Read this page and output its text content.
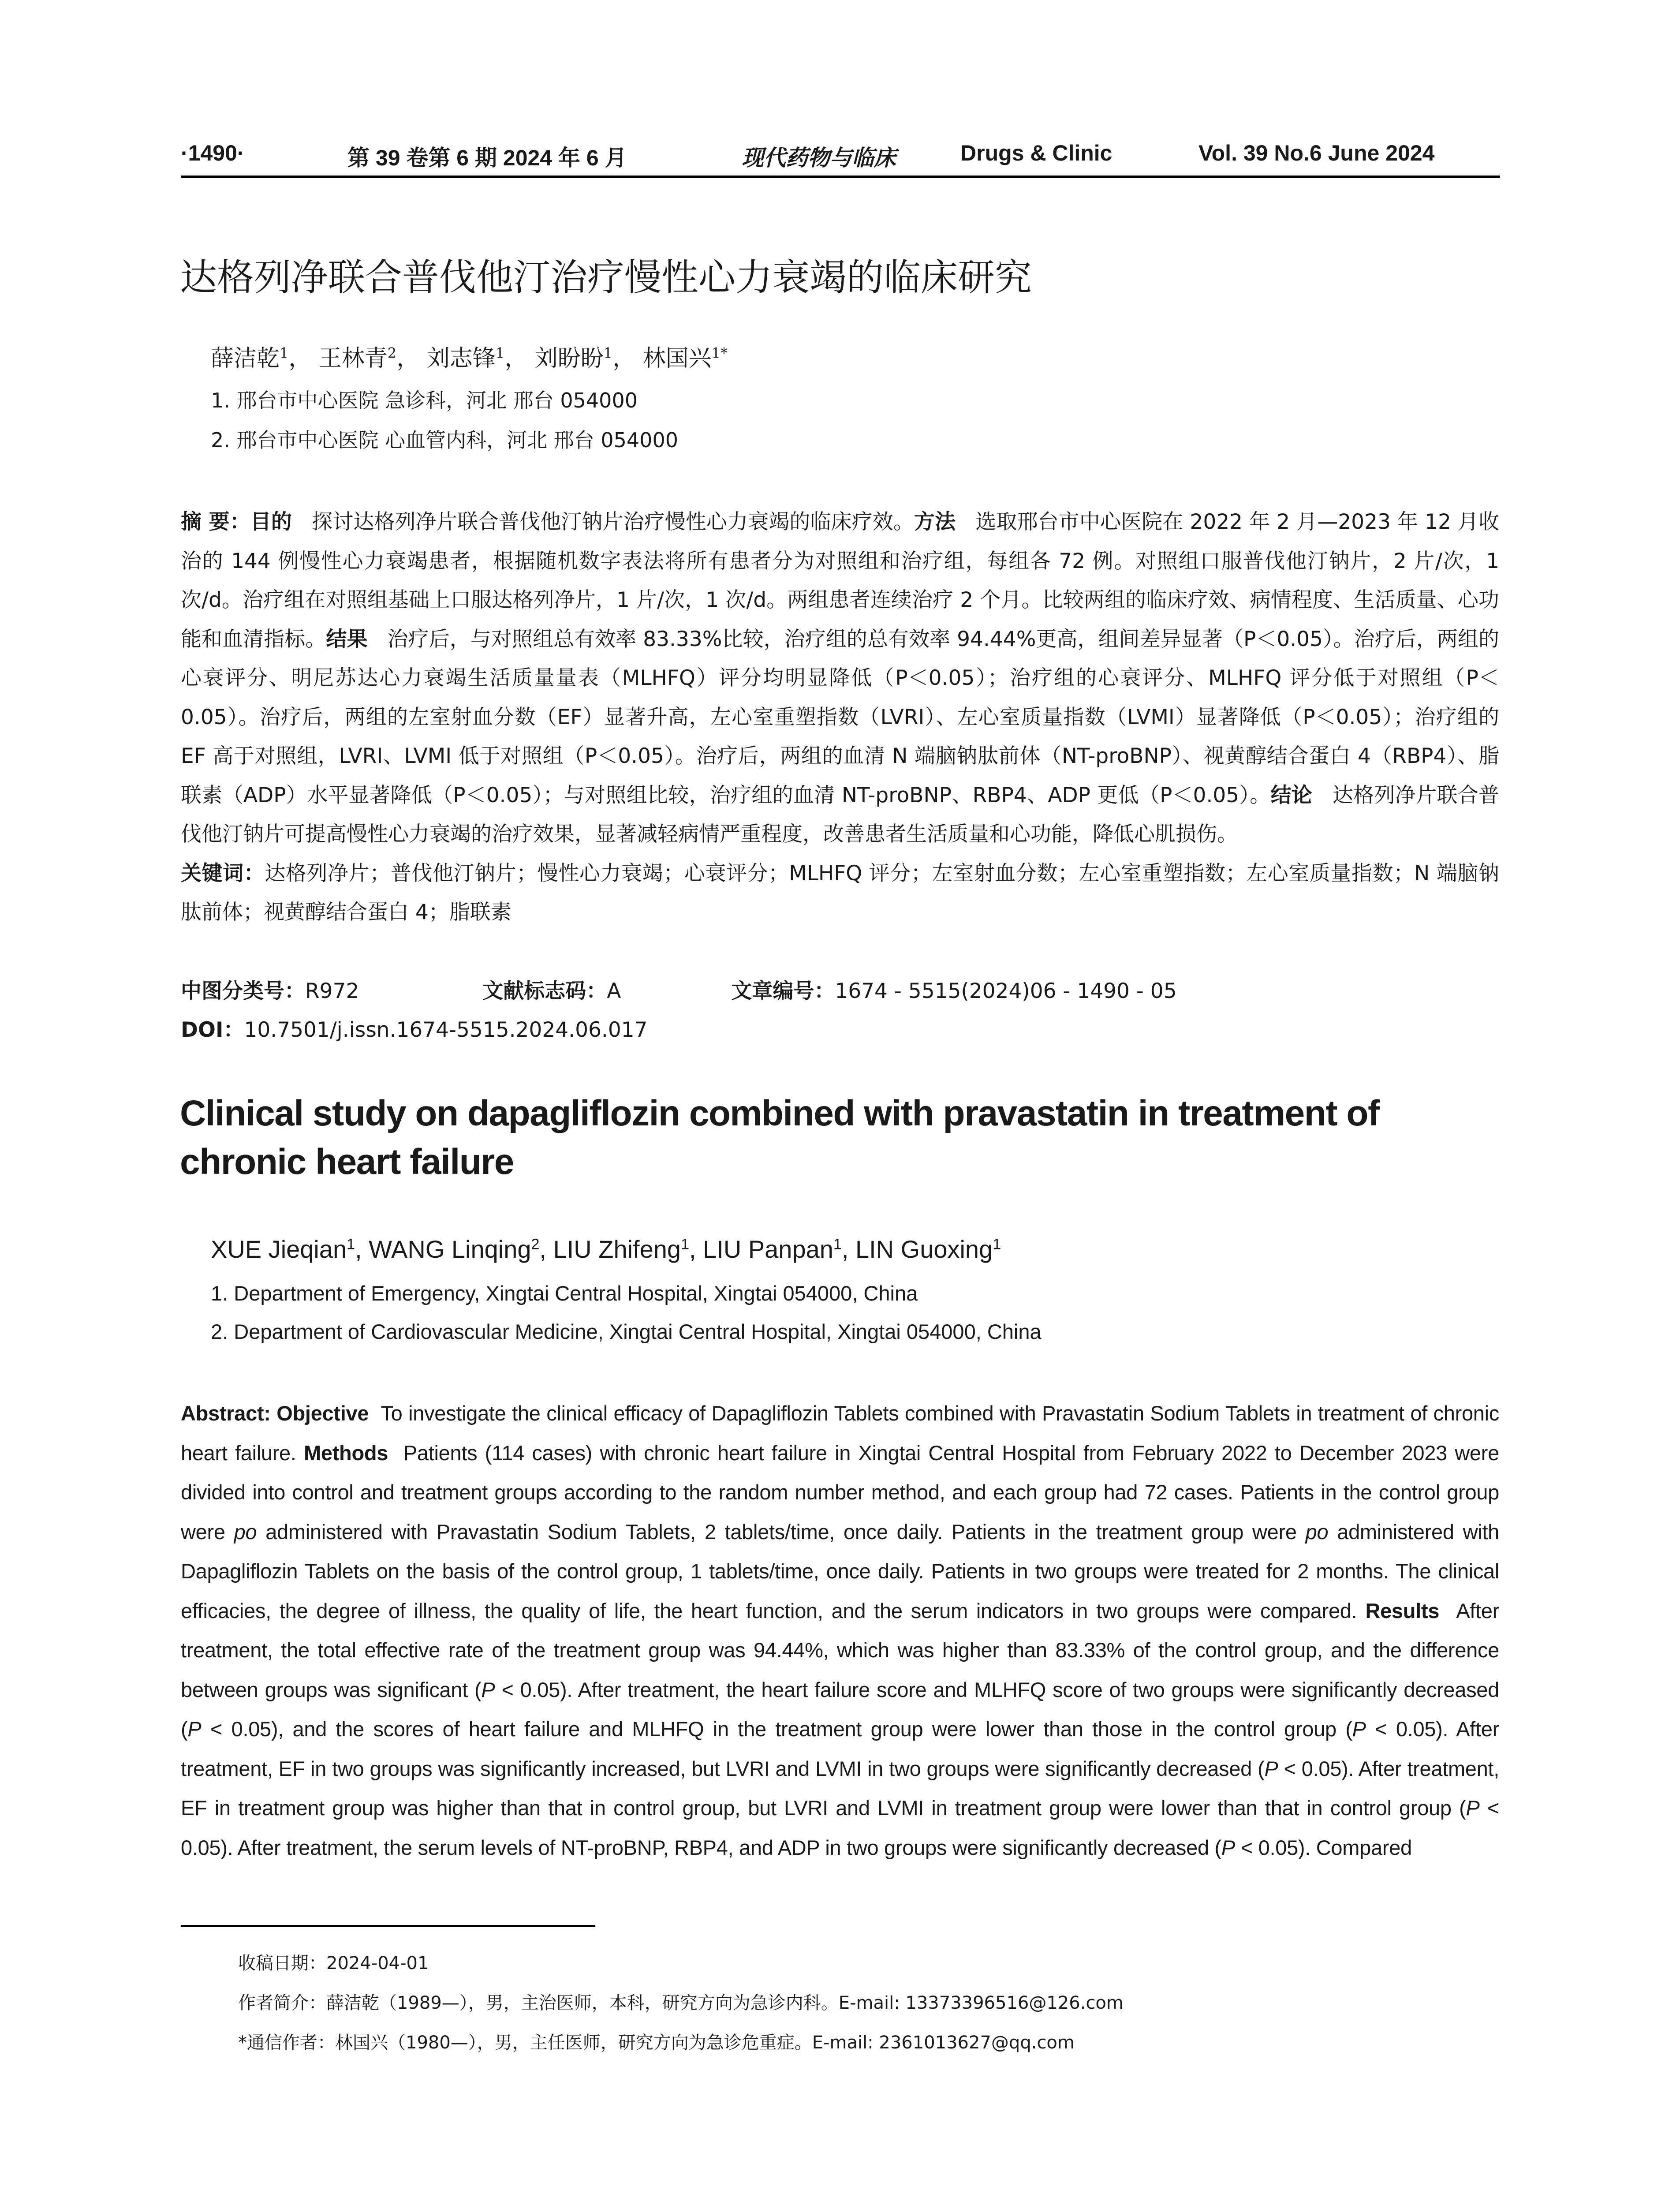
·1490·	第 39 卷第 6 期 2024 年 6 月	现代药物与临床	Drugs & Clinic	Vol. 39 No.6 June 2024
达格列净联合普伐他汀治疗慢性心力衰竭的临床研究
薛洁乾$^1$， 王林青$^2$， 刘志锋$^1$， 刘盼盼$^1$， 林国兴$^{1*}$
1. 邢台市中心医院 急诊科，河北 邢台 054000
2. 邢台市中心医院 心血管内科，河北 邢台 054000
摘 要：目的 探讨达格列净片联合普伐他汀钠片治疗慢性心力衰竭的临床疗效。方法 选取邢台市中心医院在 2022 年 2 月—2023 年 12 月收治的 144 例慢性心力衰竭患者，根据随机数字表法将所有患者分为对照组和治疗组，每组各 72 例。对照组口服普伐他汀钠片，2 片/次，1 次/d。治疗组在对照组基础上口服达格列净片，1 片/次，1 次/d。两组患者连续治疗 2 个月。比较两组的临床疗效、病情程度、生活质量、心功能和血清指标。结果 治疗后，与对照组总有效率 83.33%比较，治疗组的总有效率 94.44%更高，组间差异显著（P＜0.05）。治疗后，两组的心衰评分、明尼苏达心力衰竭生活质量量表（MLHFQ）评分均明显降低（P＜0.05）；治疗组的心衰评分、MLHFQ 评分低于对照组（P＜0.05）。治疗后，两组的左室射血分数（EF）显著升高，左心室重塑指数（LVRI）、左心室质量指数（LVMI）显著降低（P＜0.05）；治疗组的 EF 高于对照组，LVRI、LVMI 低于对照组（P＜0.05）。治疗后，两组的血清 N 端脑钠肽前体（NT-proBNP）、视黄醇结合蛋白 4（RBP4）、脂联素（ADP）水平显著降低（P＜0.05）；与对照组比较，治疗组的血清 NT-proBNP、RBP4、ADP 更低（P＜0.05）。结论 达格列净片联合普伐他汀钠片可提高慢性心力衰竭的治疗效果，显著减轻病情严重程度，改善患者生活质量和心功能，降低心肌损伤。
关键词：达格列净片；普伐他汀钠片；慢性心力衰竭；心衰评分；MLHFQ 评分；左室射血分数；左心室重塑指数；左心室质量指数；N 端脑钠肽前体；视黄醇结合蛋白 4；脂联素
中图分类号：R972	文献标志码：A	文章编号：1674 - 5515(2024)06 - 1490 - 05
DOI：10.7501/j.issn.1674-5515.2024.06.017
Clinical study on dapagliflozin combined with pravastatin in treatment of chronic heart failure
XUE Jieqian$^1$, WANG Linqing$^2$, LIU Zhifeng$^1$, LIU Panpan$^1$, LIN Guoxing$^1$
1. Department of Emergency, Xingtai Central Hospital, Xingtai 054000, China
2. Department of Cardiovascular Medicine, Xingtai Central Hospital, Xingtai 054000, China
Abstract: Objective To investigate the clinical efficacy of Dapagliflozin Tablets combined with Pravastatin Sodium Tablets in treatment of chronic heart failure. Methods Patients (114 cases) with chronic heart failure in Xingtai Central Hospital from February 2022 to December 2023 were divided into control and treatment groups according to the random number method, and each group had 72 cases. Patients in the control group were po administered with Pravastatin Sodium Tablets, 2 tablets/time, once daily. Patients in the treatment group were po administered with Dapagliflozin Tablets on the basis of the control group, 1 tablets/time, once daily. Patients in two groups were treated for 2 months. The clinical efficacies, the degree of illness, the quality of life, the heart function, and the serum indicators in two groups were compared. Results After treatment, the total effective rate of the treatment group was 94.44%, which was higher than 83.33% of the control group, and the difference between groups was significant (P < 0.05). After treatment, the heart failure score and MLHFQ score of two groups were significantly decreased (P < 0.05), and the scores of heart failure and MLHFQ in the treatment group were lower than those in the control group (P < 0.05). After treatment, EF in two groups was significantly increased, but LVRI and LVMI in two groups were significantly decreased (P < 0.05). After treatment, EF in treatment group was higher than that in control group, but LVRI and LVMI in treatment group were lower than that in control group (P < 0.05). After treatment, the serum levels of NT-proBNP, RBP4, and ADP in two groups were significantly decreased (P < 0.05). Compared
收稿日期：2024-04-01
作者简介：薛洁乾（1989—），男，主治医师，本科，研究方向为急诊内科。E-mail: 13373396516@126.com
*通信作者：林国兴（1980—），男，主任医师，研究方向为急诊危重症。E-mail: 2361013627@qq.com
